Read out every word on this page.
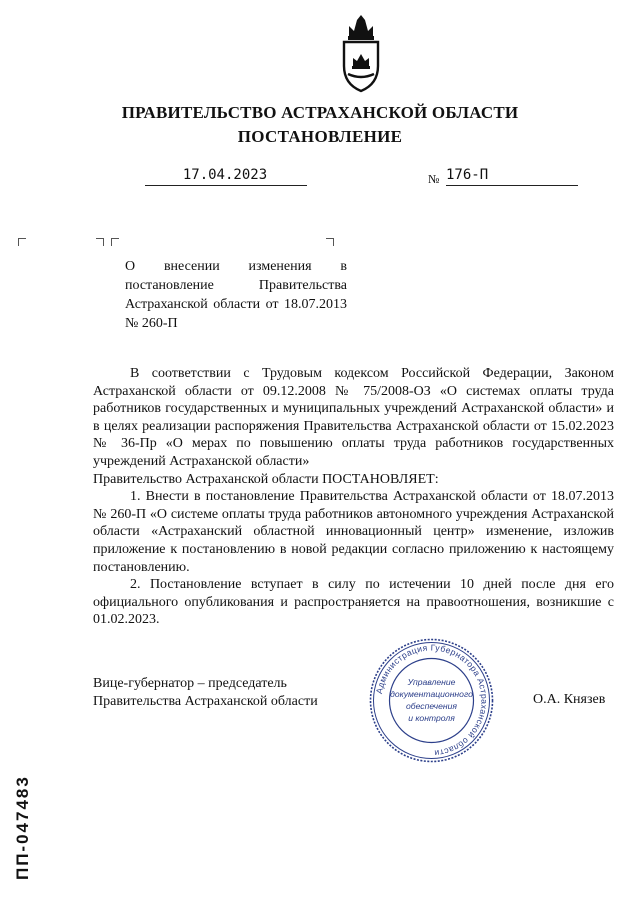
ПРАВИТЕЛЬСТВО АСТРАХАНСКОЙ ОБЛАСТИ
ПОСТАНОВЛЕНИЕ
17.04.2023	№ 176-П
О внесении изменения в постановление Правительства Астраханской области от 18.07.2013 № 260-П

В соответствии с Трудовым кодексом Российской Федерации, Законом Астраханской области от 09.12.2008 № 75/2008-ОЗ «О системах оплаты труда работников государственных и муниципальных учреждений Астраханской области» и в целях реализации распоряжения Правительства Астраханской области от 15.02.2023 № 36-Пр «О мерах по повышению оплаты труда работников государственных учреждений Астраханской области»

Правительство Астраханской области ПОСТАНОВЛЯЕТ:

1. Внести в постановление Правительства Астраханской области от 18.07.2013 № 260-П «О системе оплаты труда работников автономного учреждения Астраханской области «Астраханский областной инновационный центр» изменение, изложив приложение к постановлению в новой редакции согласно приложению к настоящему постановлению.

2. Постановление вступает в силу по истечении 10 дней после дня его официального опубликования и распространяется на правоотношения, возникшие с 01.02.2023.

Вице-губернатор – председатель
Правительства Астраханской области	О.А. Князев
Администрация Губернатора Астраханской области
Управление
документационного
обеспечения
и контроля
ПП-047483
